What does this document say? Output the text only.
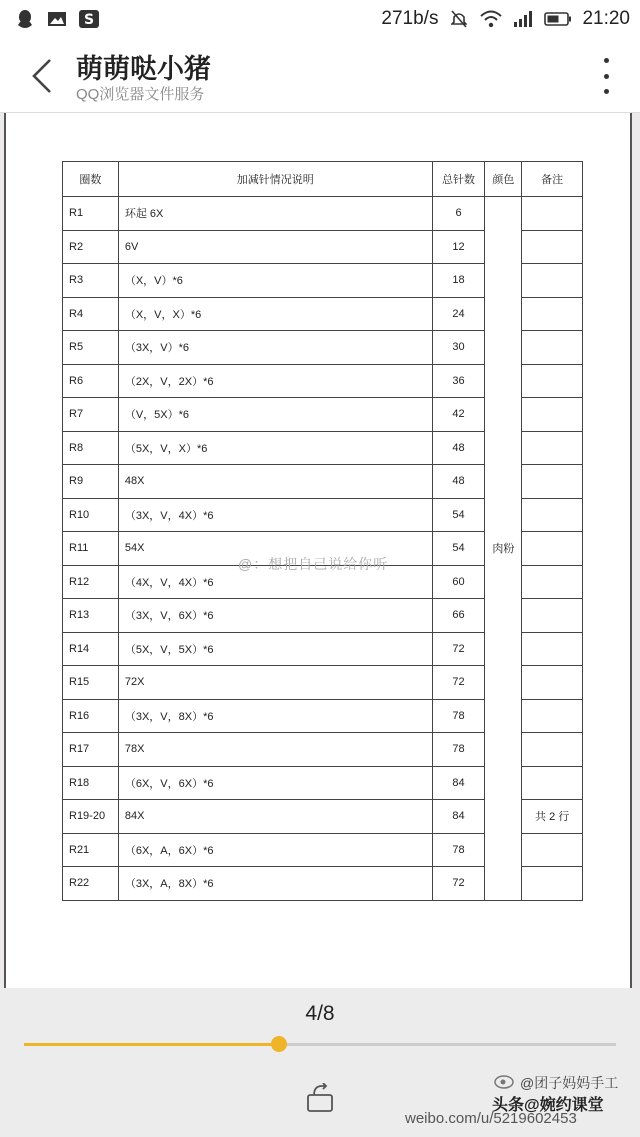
S	271b/s	21:20
萌萌哒小猪
QQ浏览器文件服务
圈数	加减针情况说明	总针数	颜色	备注
R1	环起 6X	6	肉粉	
R2	6V	12		
R3	（X，V）*6	18		
R4	（X，V，X）*6	24		
R5	（3X，V）*6	30		
R6	（2X，V，2X）*6	36		
R7	（V，5X）*6	42		
R8	（5X，V，X）*6	48		
R9	48X	48		
R10	（3X，V，4X）*6	54		
R11	54X	54		
R12	（4X，V，4X）*6	60		
R13	（3X，V，6X）*6	66		
R14	（5X，V，5X）*6	72		
R15	72X	72		
R16	（3X，V，8X）*6	78		
R17	78X	78		
R18	（6X，V，6X）*6	84		
R19-20	84X	84		共 2 行
R21	（6X，A，6X）*6	78		
R22	（3X，A，8X）*6	72		
@：想把自己说给你听
4/8
@团子妈妈手工
头条@婉约课堂
weibo.com/u/5219602453
